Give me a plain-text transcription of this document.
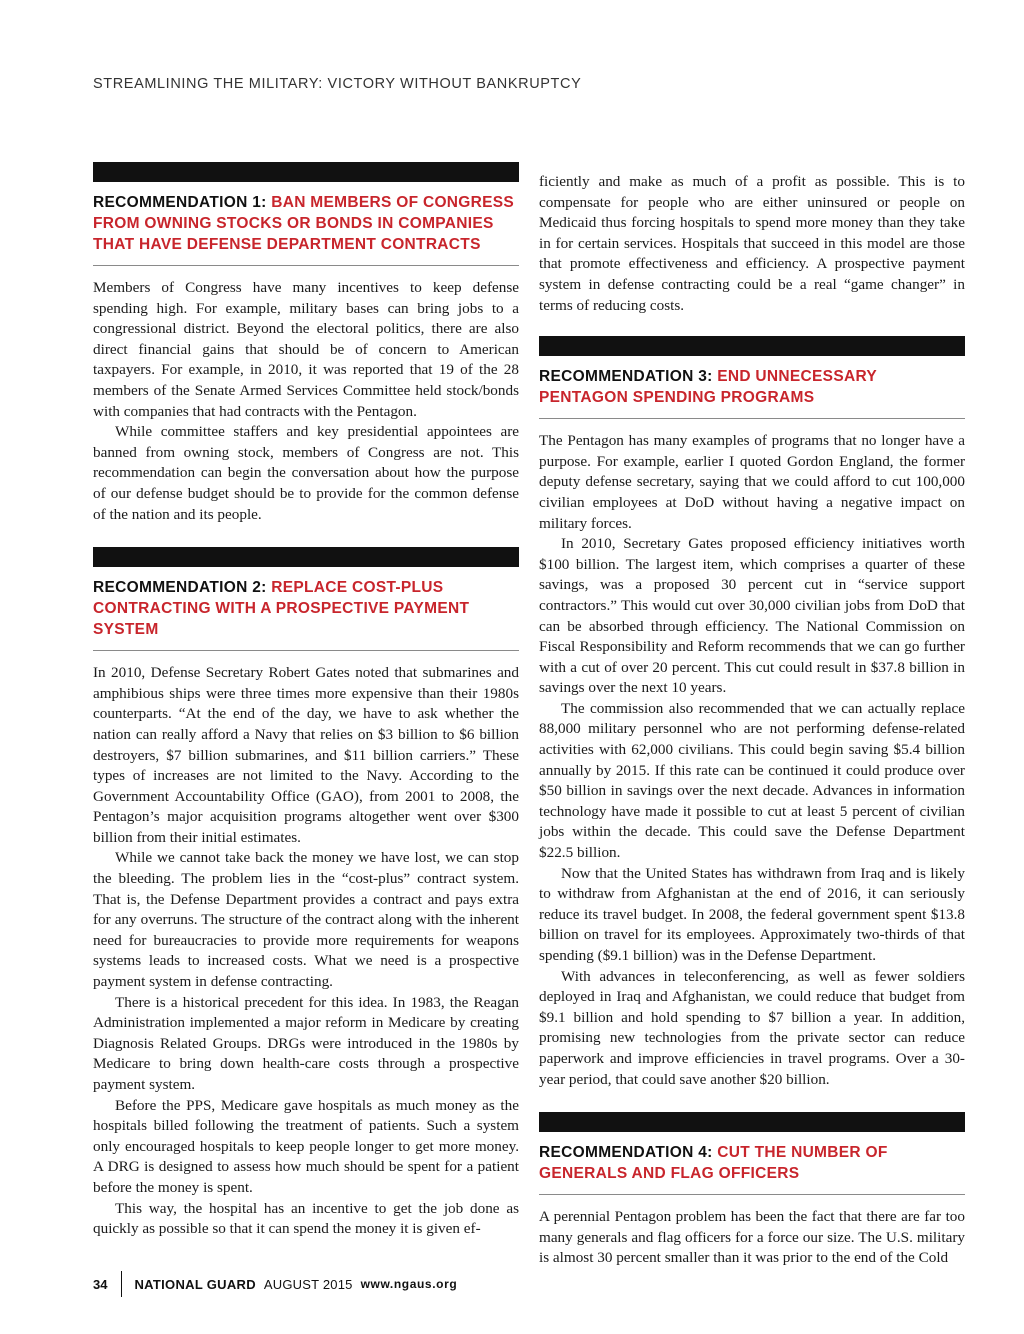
STREAMLINING THE MILITARY: VICTORY WITHOUT BANKRUPTCY
RECOMMENDATION 1: BAN MEMBERS OF CONGRESS FROM OWNING STOCKS OR BONDS IN COMPANIES THAT HAVE DEFENSE DEPARTMENT CONTRACTS

Members of Congress have many incentives to keep defense spending high. For example, military bases can bring jobs to a congressional district. Beyond the electoral politics, there are also direct financial gains that should be of concern to American taxpayers. For example, in 2010, it was reported that 19 of the 28 members of the Senate Armed Services Committee held stock/bonds with companies that had contracts with the Pentagon.

While committee staffers and key presidential appointees are banned from owning stock, members of Congress are not. This recommendation can begin the conversation about how the purpose of our defense budget should be to provide for the common defense of the nation and its people.

RECOMMENDATION 2: REPLACE COST-PLUS CONTRACTING WITH A PROSPECTIVE PAYMENT SYSTEM

In 2010, Defense Secretary Robert Gates noted that submarines and amphibious ships were three times more expensive than their 1980s counterparts. “At the end of the day, we have to ask whether the nation can really afford a Navy that relies on $3 billion to $6 billion destroyers, $7 billion submarines, and $11 billion carriers.” These types of increases are not limited to the Navy. According to the Government Accountability Office (GAO), from 2001 to 2008, the Pentagon’s major acquisition programs altogether went over $300 billion from their initial estimates.

While we cannot take back the money we have lost, we can stop the bleeding. The problem lies in the “cost-plus” contract system. That is, the Defense Department provides a contract and pays extra for any overruns. The structure of the contract along with the inherent need for bureaucracies to provide more requirements for weapons systems leads to increased costs. What we need is a prospective payment system in defense contracting.

There is a historical precedent for this idea. In 1983, the Reagan Administration implemented a major reform in Medicare by creating Diagnosis Related Groups. DRGs were introduced in the 1980s by Medicare to bring down health-care costs through a prospective payment system.

Before the PPS, Medicare gave hospitals as much money as the hospitals billed following the treatment of patients. Such a system only encouraged hospitals to keep people longer to get more money. A DRG is designed to assess how much should be spent for a patient before the money is spent.

This way, the hospital has an incentive to get the job done as quickly as possible so that it can spend the money it is given ef-

ficiently and make as much of a profit as possible. This is to compensate for people who are either uninsured or people on Medicaid thus forcing hospitals to spend more money than they take in for certain services. Hospitals that succeed in this model are those that promote effectiveness and efficiency. A prospective payment system in defense contracting could be a real “game changer” in terms of reducing costs.

RECOMMENDATION 3: END UNNECESSARY PENTAGON SPENDING PROGRAMS

The Pentagon has many examples of programs that no longer have a purpose. For example, earlier I quoted Gordon England, the former deputy defense secretary, saying that we could afford to cut 100,000 civilian employees at DoD without having a negative impact on military forces.

In 2010, Secretary Gates proposed efficiency initiatives worth $100 billion. The largest item, which comprises a quarter of these savings, was a proposed 30 percent cut in “service support contractors.” This would cut over 30,000 civilian jobs from DoD that can be absorbed through efficiency. The National Commission on Fiscal Responsibility and Reform recommends that we can go further with a cut of over 20 percent. This cut could result in $37.8 billion in savings over the next 10 years.

The commission also recommended that we can actually replace 88,000 military personnel who are not performing defense-related activities with 62,000 civilians. This could begin saving $5.4 billion annually by 2015. If this rate can be continued it could produce over $50 billion in savings over the next decade. Advances in information technology have made it possible to cut at least 5 percent of civilian jobs within the decade. This could save the Defense Department $22.5 billion.

Now that the United States has withdrawn from Iraq and is likely to withdraw from Afghanistan at the end of 2016, it can seriously reduce its travel budget. In 2008, the federal government spent $13.8 billion on travel for its employees. Approximately two-thirds of that spending ($9.1 billion) was in the Defense Department.

With advances in teleconferencing, as well as fewer soldiers deployed in Iraq and Afghanistan, we could reduce that budget from $9.1 billion and hold spending to $7 billion a year. In addition, promising new technologies from the private sector can reduce paperwork and improve efficiencies in travel programs. Over a 30-year period, that could save another $20 billion.

RECOMMENDATION 4: CUT THE NUMBER OF GENERALS AND FLAG OFFICERS

A perennial Pentagon problem has been the fact that there are far too many generals and flag officers for a force our size. The U.S. military is almost 30 percent smaller than it was prior to the end of the Cold

34 NATIONAL GUARD AUGUST 2015 www.ngaus.org
